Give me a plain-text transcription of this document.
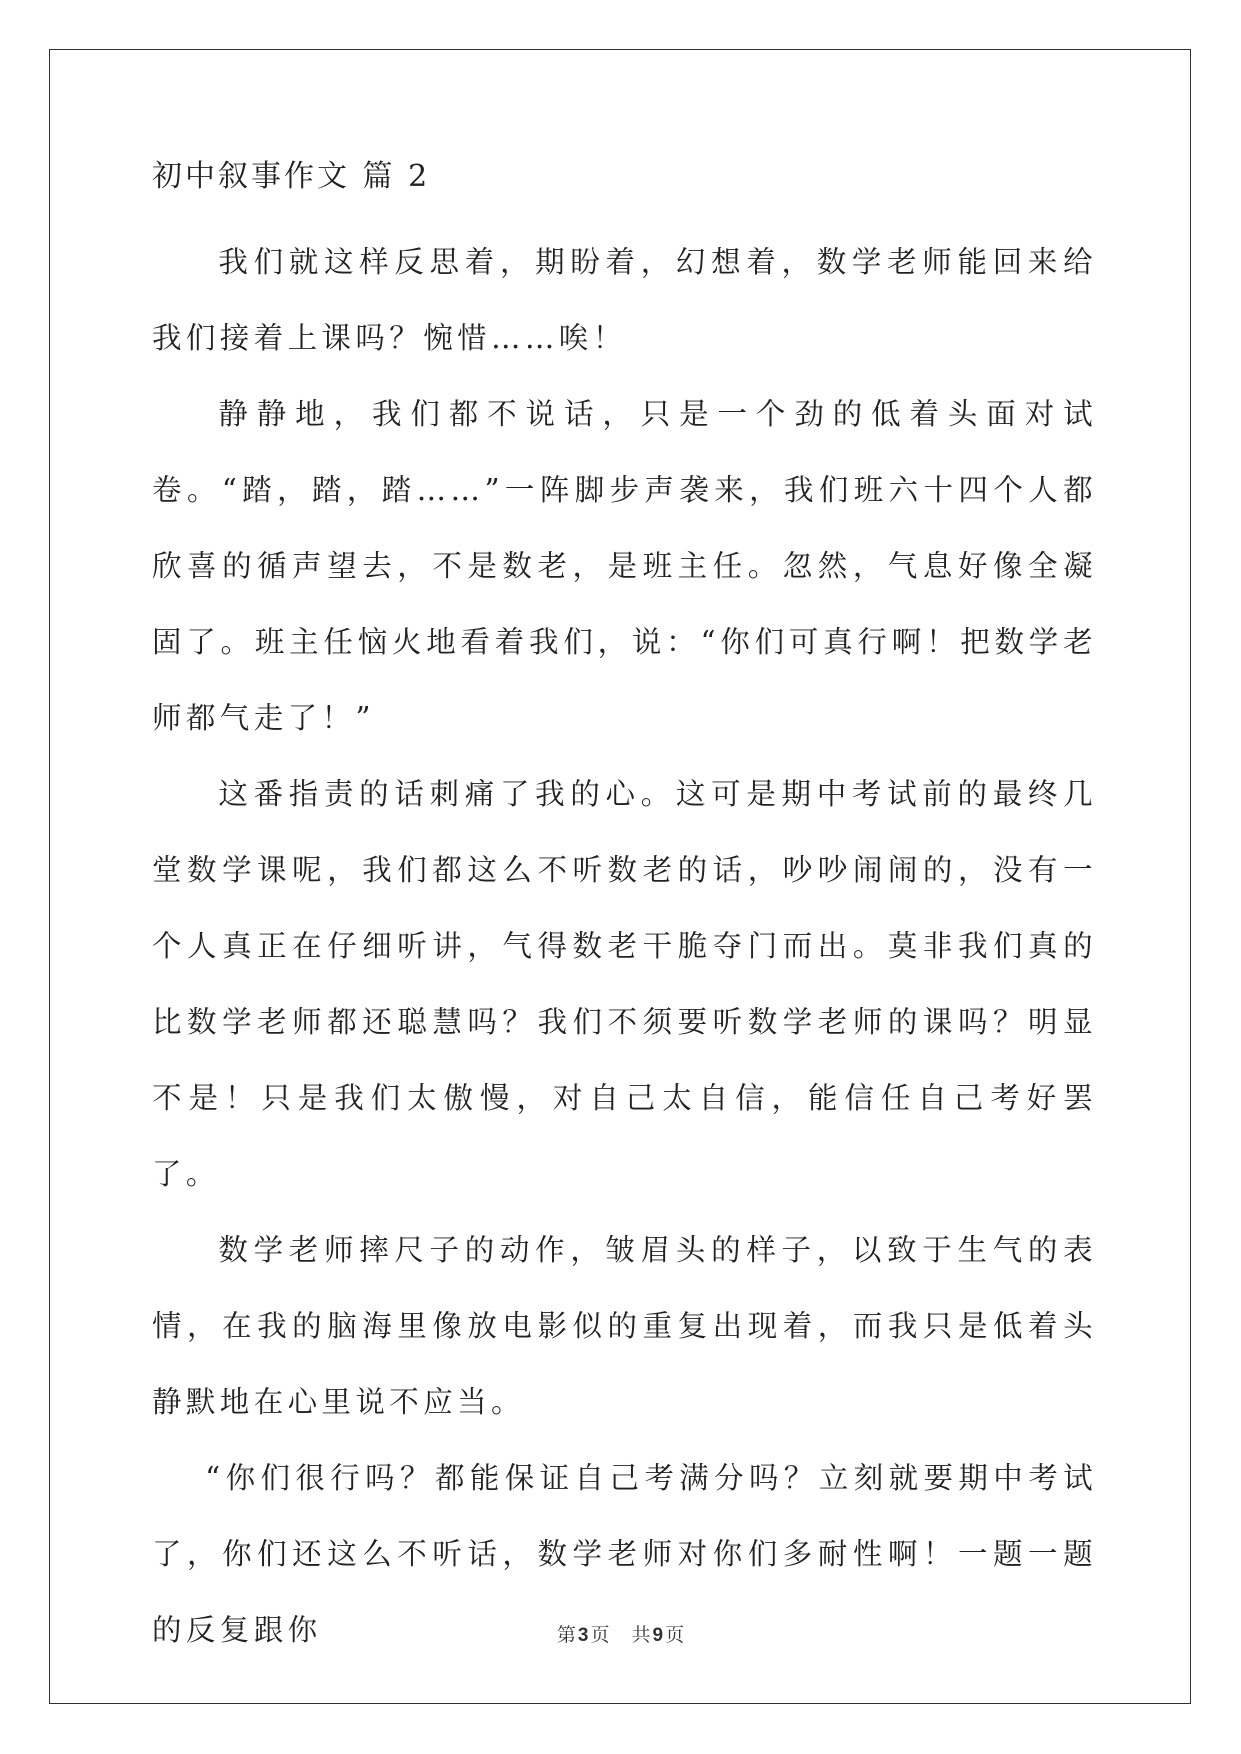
初中叙事作文 篇 2

我们就这样反思着，期盼着，幻想着，数学老师能回来给我们接着上课吗？惋惜……唉！

静静地，我们都不说话，只是一个劲的低着头面对试卷。“踏，踏，踏……”一阵脚步声袭来，我们班六十四个人都欣喜的循声望去，不是数老，是班主任。忽然，气息好像全凝固了。班主任恼火地看着我们，说：“你们可真行啊！把数学老师都气走了！”

这番指责的话刺痛了我的心。这可是期中考试前的最终几堂数学课呢，我们都这么不听数老的话，吵吵闹闹的，没有一个人真正在仔细听讲，气得数老干脆夺门而出。莫非我们真的比数学老师都还聪慧吗？我们不须要听数学老师的课吗？明显不是！只是我们太傲慢，对自己太自信，能信任自己考好罢了。

数学老师摔尺子的动作，皱眉头的样子，以致于生气的表情，在我的脑海里像放电影似的重复出现着，而我只是低着头静默地在心里说不应当。

“你们很行吗？都能保证自己考满分吗？立刻就要期中考试了，你们还这么不听话，数学老师对你们多耐性啊！一题一题的反复跟你	第 3 页 共 9 页
